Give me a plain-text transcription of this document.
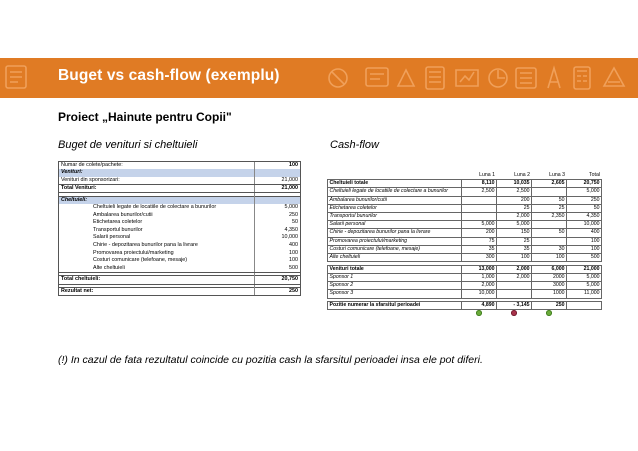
Buget vs cash-flow (exemplu)
Proiect „Hainute pentru Copii"
Buget de venituri si cheltuieli	Cash-flow
Numar de colete/pachete:	100
Venituri:	
Venituri din sponsorizari:	21,000
Total Venituri:	21,000

Cheltuieli:	
Cheltuieli legate de locatiile de colectare a bunurilor	5,000
Ambalarea bunurilor/cutii	250
Etichetarea coletelor	50
Transportul bunurilor	4,350
Salarii personal	10,000
Chirie - depozitarea bunurilor pana la livrare	400
Promovarea proiectului/marketing	100
Costuri comunicare (telefoane, mesaje)	100
Alte cheltuieli	500

Total cheltuieli:	20,750

Rezultat net:	250
	Luna 1	Luna 2	Luna 3	Total
Cheltuieli totale	8,110	10,035	2,605	20,750
Cheltuieli legate de locatiile de colectare a bunurilor	2,500	2,500		5,000
Ambalarea bunurilor/cutii		200	50	250
Etichetarea coletelor		25	25	50
Transportul bunurilor		2,000	2,350	4,350
Salarii personal	5,000	5,000		10,000
Chirie - depozitarea bunurilor pana la livrare	200	150	50	400
Promovarea proiectului/marketing	75	25		100
Costuri comunicare (telefoane, mesaje)	35	35	30	100
Alte cheltuieli	300	100	100	500

Venituri totale	13,000	2,000	6,000	21,000
Sponsor 1	1,000	2,000	2000	5,000
Sponsor 2	2,000		3000	5,000
Sponsor 3	10,000		1000	11,000

Pozitie numerar la sfarsitul perioadei	4,890	- 3,145	250	

(!) In cazul de fata rezultatul coincide cu pozitia cash la sfarsitul perioadei insa ele pot diferi.
